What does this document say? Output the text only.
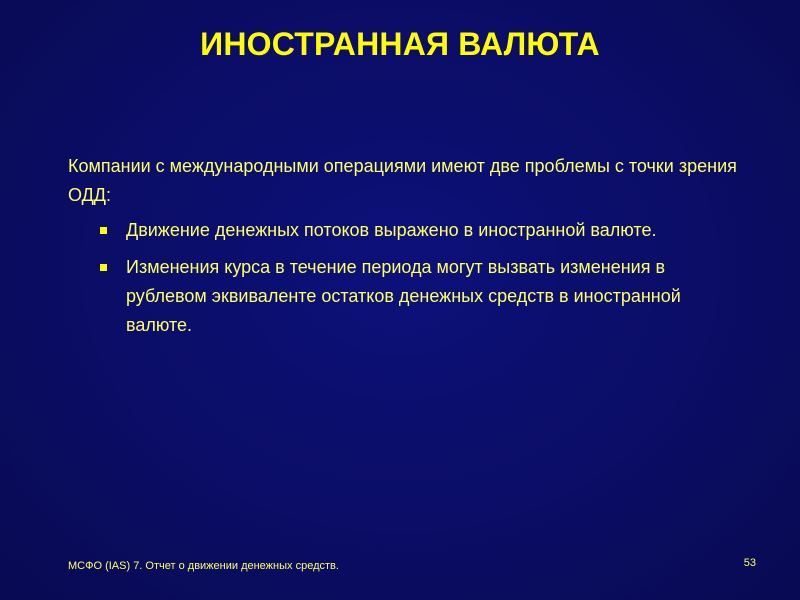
ИНОСТРАННАЯ ВАЛЮТА

Компании с международными операциями имеют две проблемы с точки зрения ОДД:

Движение денежных потоков выражено в иностранной валюте.
Изменения курса в течение периода могут вызвать изменения в рублевом эквиваленте остатков денежных средств в иностранной валюте.
МСФО (IAS) 7. Отчет о движении денежных средств.	53
